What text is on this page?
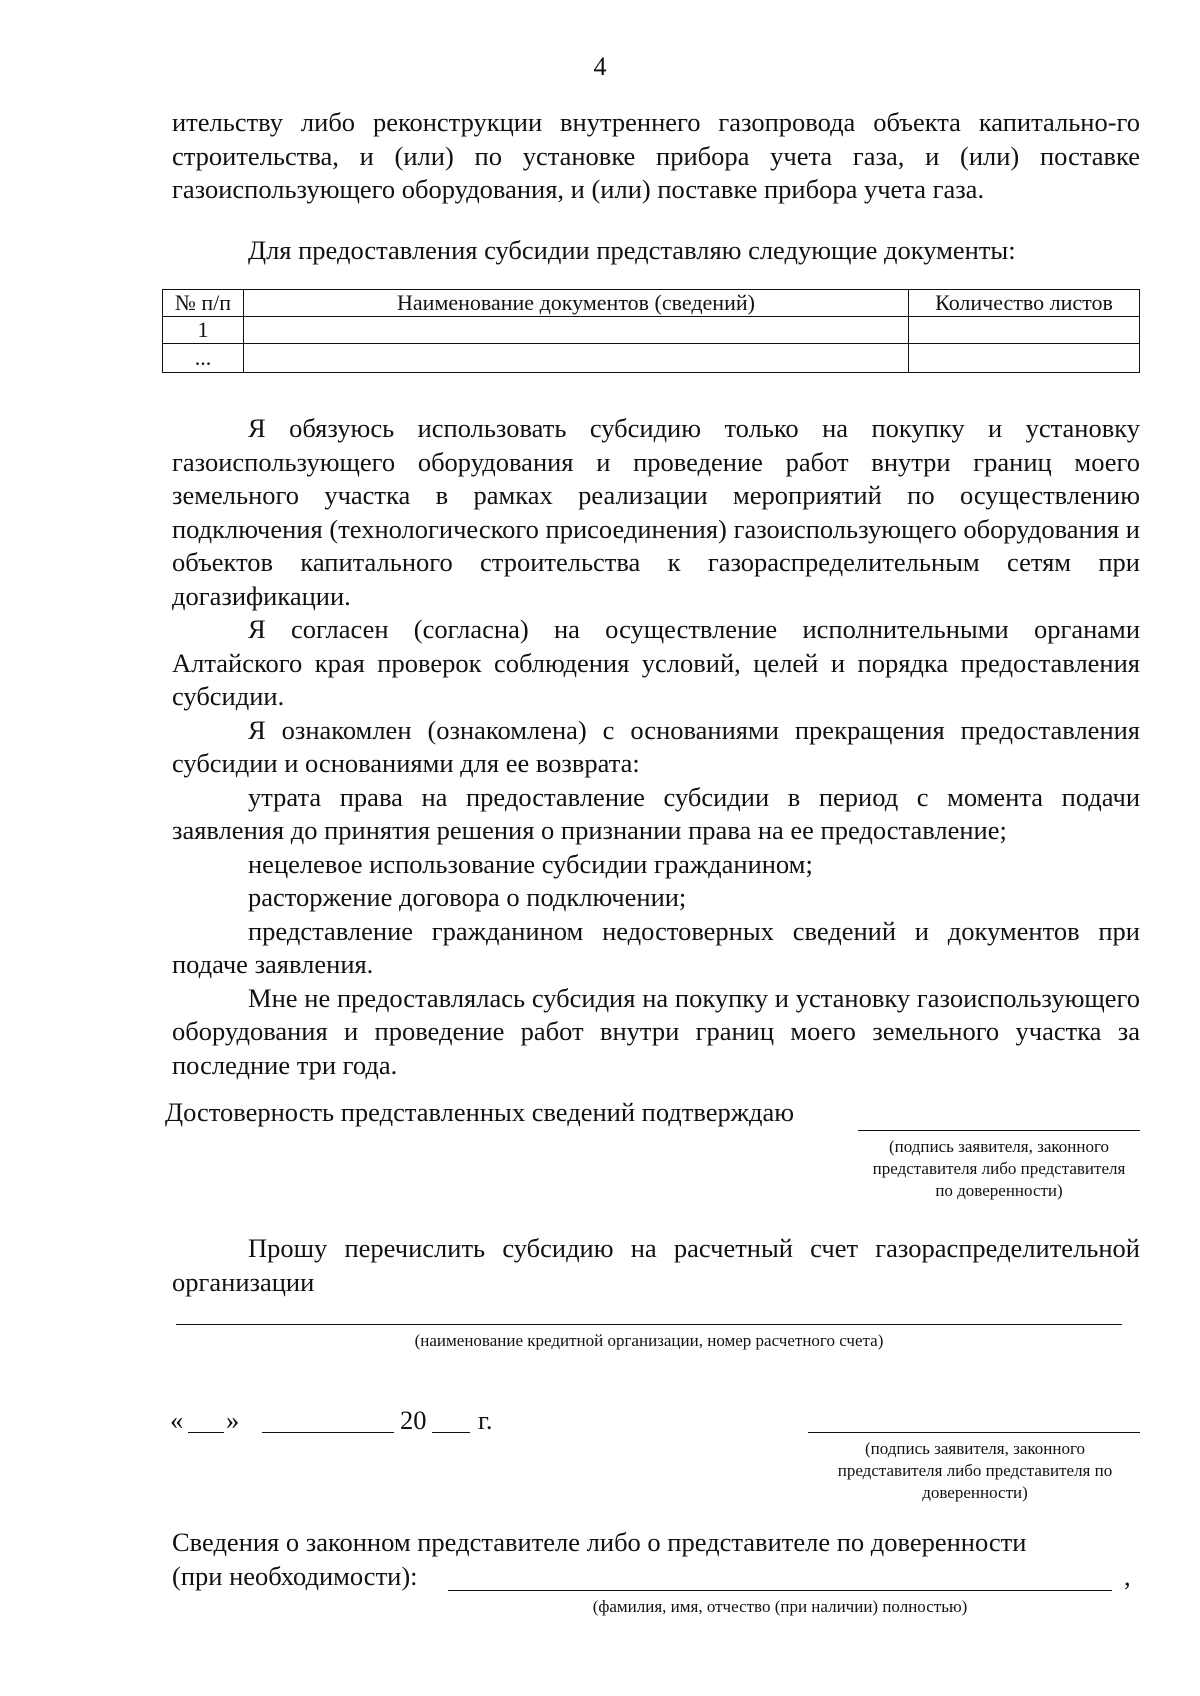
4

ительству либо реконструкции внутреннего газопровода объекта капитально-го строительства, и (или) по установке прибора учета газа, и (или) поставке газоиспользующего оборудования, и (или) поставке прибора учета газа.

Для предоставления субсидии представляю следующие документы:

№ п/п	Наименование документов (сведений)	Количество листов
1		
...		

Я обязуюсь использовать субсидию только на покупку и установку газоиспользующего оборудования и проведение работ внутри границ моего земельного участка в рамках реализации мероприятий по осуществлению подключения (технологического присоединения) газоиспользующего оборудования и объектов капитального строительства к газораспределительным сетям при догазификации.

Я согласен (согласна) на осуществление исполнительными органами Алтайского края проверок соблюдения условий, целей и порядка предоставления субсидии.

Я ознакомлен (ознакомлена) с основаниями прекращения предоставления субсидии и основаниями для ее возврата:

утрата права на предоставление субсидии в период с момента подачи заявления до принятия решения о признании права на ее предоставление;

нецелевое использование субсидии гражданином;

расторжение договора о подключении;

представление гражданином недостоверных сведений и документов при подаче заявления.

Мне не предоставлялась субсидия на покупку и установку газоиспользующего оборудования и проведение работ внутри границ моего земельного участка за последние три года.

Достоверность представленных сведений подтверждаю
(подпись заявителя, законного представителя либо представителя по доверенности)

Прошу перечислить субсидию на расчетный счет газораспределительной организации

(наименование кредитной организации, номер расчетного счета)
« »	20 г.
(подпись заявителя, законного представителя либо представителя по доверенности)

Сведения о законном представителе либо о представителе по доверенности

(при необходимости):	,
(фамилия, имя, отчество (при наличии) полностью)
